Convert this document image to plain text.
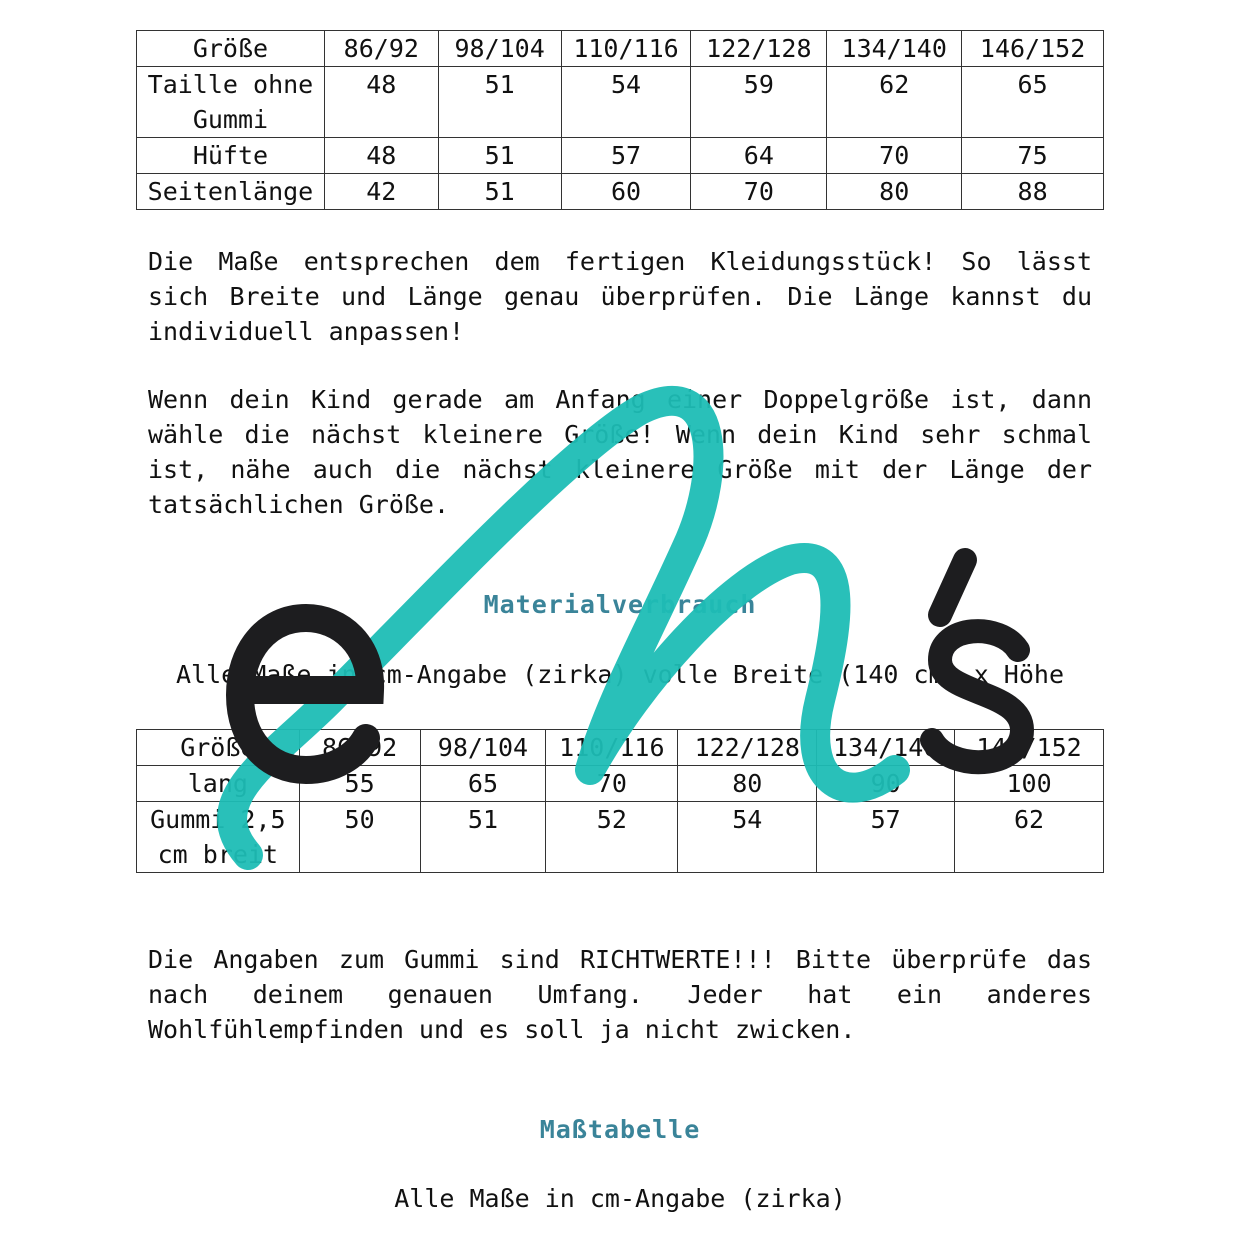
Größe	86/92	98/104	110/116	122/128	134/140	146/152
Taille ohne Gummi	48	51	54	59	62	65
Hüfte	48	51	57	64	70	75
Seitenlänge	42	51	60	70	80	88

Die Maße entsprechen dem fertigen Kleidungsstück! So lässt sich Breite und Länge genau überprüfen. Die Länge kannst du individuell anpassen!

Wenn dein Kind gerade am Anfang einer Doppelgröße ist, dann wähle die nächst kleinere Größe! Wenn dein Kind sehr schmal ist, nähe auch die nächst kleinere Größe mit der Länge der tatsächlichen Größe.

Materialverbrauch

Alle Maße in cm-Angabe (zirka) volle Breite (140 cm) x Höhe

Größe	86/92	98/104	110/116	122/128	134/140	146/152
lang	55	65	70	80	90	100
Gummi 2,5 cm breit	50	51	52	54	57	62

Die Angaben zum Gummi sind RICHTWERTE!!! Bitte überprüfe das nach deinem genauen Umfang. Jeder hat ein anderes Wohlfühlempfinden und es soll ja nicht zwicken.

Maßtabelle

Alle Maße in cm-Angabe (zirka)
